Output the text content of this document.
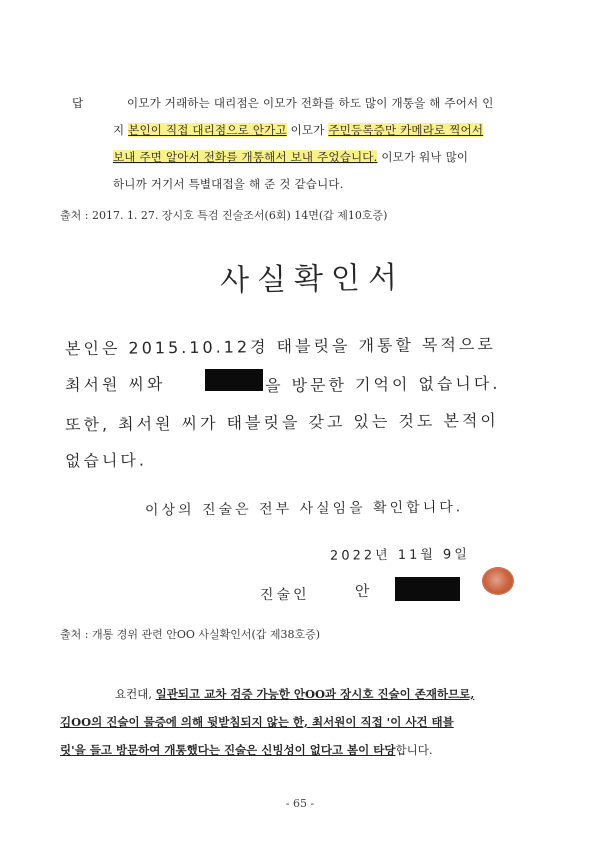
답	이모가 거래하는 대리점은 이모가 전화를 하도 많이 개통을 해 주어서 인
지 본인이 직접 대리점으로 안가고 이모가 주민등록증만 카메라로 찍어서
보내 주면 알아서 전화를 개통해서 보내 주었습니다. 이모가 워낙 많이
하니까 거기서 특별대접을 해 준 것 같습니다.
출처 : 2017. 1. 27. 장시호 특검 진술조서(6회) 14면(갑 제10호증)
사실확인서
본인은 2015.10.12경 태블릿을 개통할 목적으로
최서원 씨와	을 방문한 기억이 없습니다.
또한, 최서원 씨가 태블릿을 갖고 있는 것도 본적이
없습니다.
이상의 진술은 전부 사실임을 확인합니다.
2022년 11월 9일
진술인	안
출처 : 개통 경위 관련 안OO 사실확인서(갑 제38호증)
요컨대, 일관되고 교차 검증 가능한 안OO과 장시호 진술이 존재하므로,
김OO의 진술이 물증에 의해 뒷받침되지 않는 한, 최서원이 직접 '이 사건 태블
릿'을 들고 방문하여 개통했다는 진술은 신빙성이 없다고 봄이 타당합니다.
- 65 -
